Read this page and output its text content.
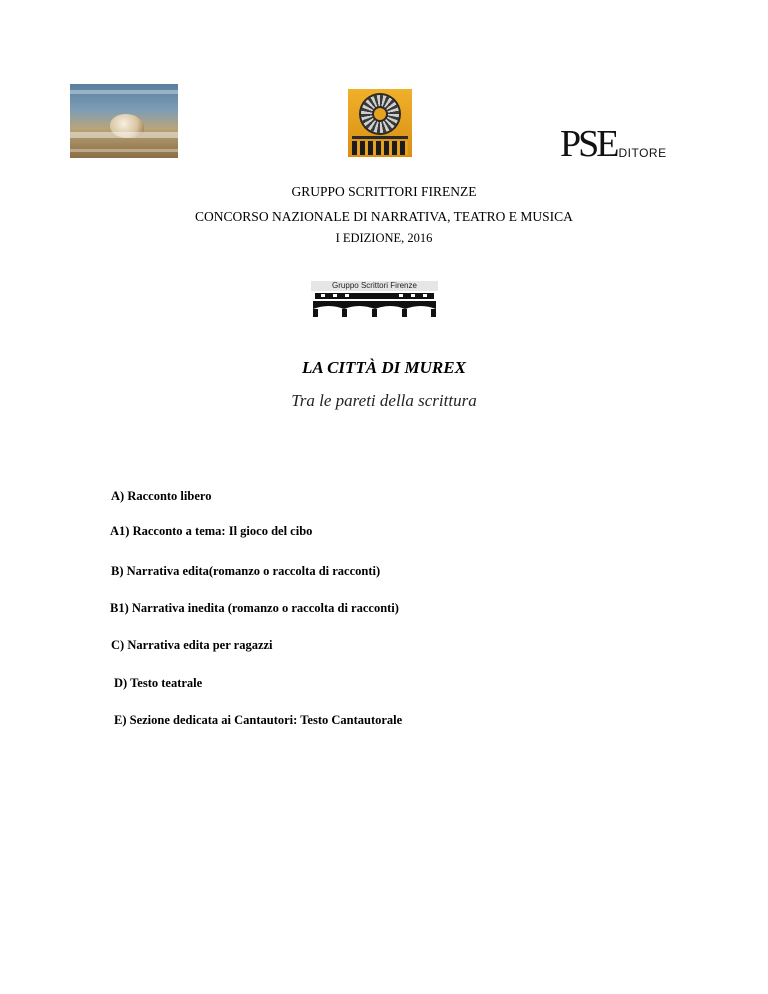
PSE DITORE
GRUPPO SCRITTORI FIRENZE
CONCORSO NAZIONALE DI NARRATIVA, TEATRO E MUSICA
I EDIZIONE, 2016
Gruppo Scrittori Firenze
LA CITTÀ DI MUREX
Tra le pareti della scrittura
A) Racconto libero
A1) Racconto a tema: Il gioco del cibo
B) Narrativa edita(romanzo o raccolta di racconti)
B1) Narrativa inedita (romanzo o raccolta di racconti)
C) Narrativa edita per ragazzi
D) Testo teatrale
E) Sezione dedicata ai Cantautori: Testo Cantautorale
